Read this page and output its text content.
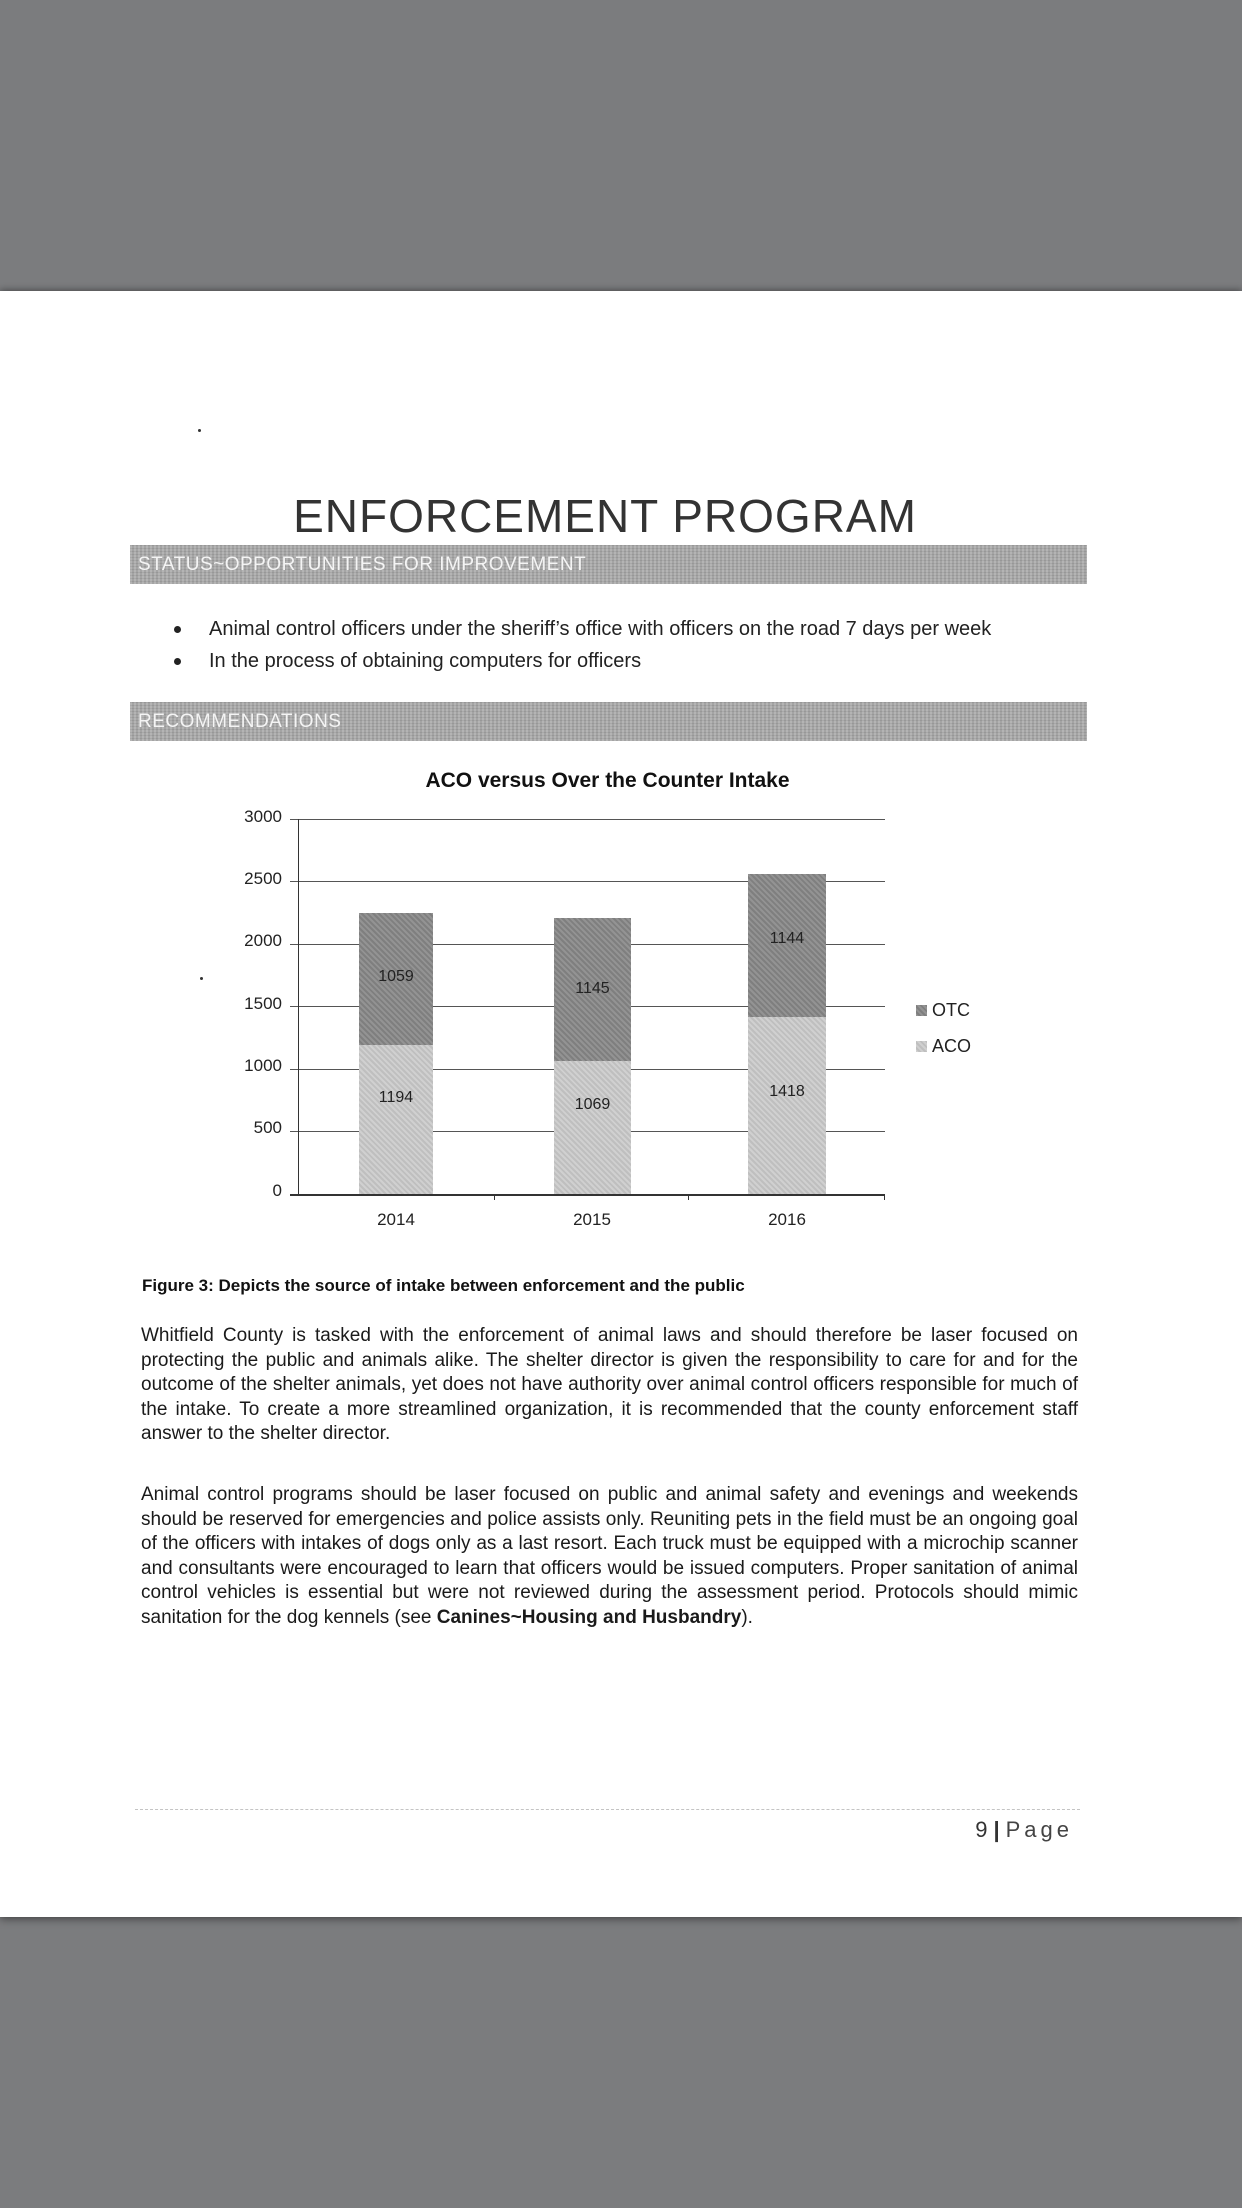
ENFORCEMENT PROGRAM
STATUS~OPPORTUNITIES FOR IMPROVEMENT
Animal control officers under the sheriff’s office with officers on the road 7 days per week
In the process of obtaining computers for officers
RECOMMENDATIONS
ACO versus Over the Counter Intake
3000
2500
2000
1500
1000
500
0
1194
1059
1069
1145
1418
1144
2014	2015	2016
OTC
ACO
Figure 3: Depicts the source of intake between enforcement and the public

Whitfield County is tasked with the enforcement of animal laws and should therefore be laser focused on protecting the public and animals alike. The shelter director is given the responsibility to care for and for the outcome of the shelter animals, yet does not have authority over animal control officers responsible for much of the intake. To create a more streamlined organization, it is recommended that the county enforcement staff answer to the shelter director.

Animal control programs should be laser focused on public and animal safety and evenings and weekends should be reserved for emergencies and police assists only. Reuniting pets in the field must be an ongoing goal of the officers with intakes of dogs only as a last resort. Each truck must be equipped with a microchip scanner and consultants were encouraged to learn that officers would be issued computers. Proper sanitation of animal control vehicles is essential but were not reviewed during the assessment period. Protocols should mimic sanitation for the dog kennels (see Canines~Housing and Husbandry).

9 | Page
